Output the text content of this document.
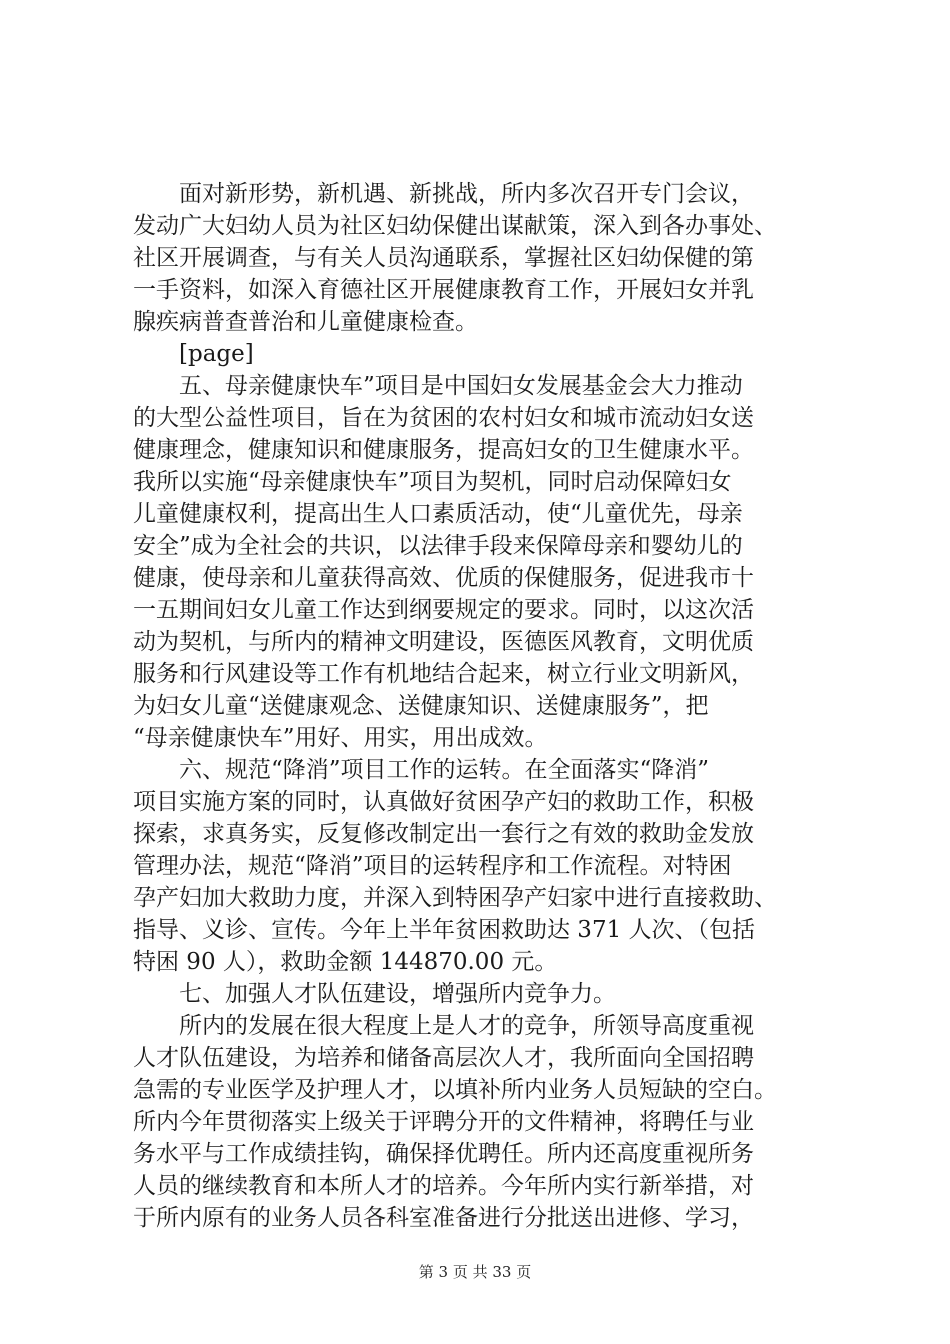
　　面对新形势，新机遇、新挑战，所内多次召开专门会议，
发动广大妇幼人员为社区妇幼保健出谋献策，深入到各办事处、
社区开展调查，与有关人员沟通联系，掌握社区妇幼保健的第
一手资料，如深入育德社区开展健康教育工作，开展妇女并乳
腺疾病普查普治和儿童健康检查。
　　[page]
　　五、母亲健康快车”项目是中国妇女发展基金会大力推动
的大型公益性项目，旨在为贫困的农村妇女和城市流动妇女送
健康理念，健康知识和健康服务，提高妇女的卫生健康水平。
我所以实施“母亲健康快车”项目为契机，同时启动保障妇女
儿童健康权利，提高出生人口素质活动，使“儿童优先，母亲
安全”成为全社会的共识，以法律手段来保障母亲和婴幼儿的
健康，使母亲和儿童获得高效、优质的保健服务，促进我市十
一五期间妇女儿童工作达到纲要规定的要求。同时，以这次活
动为契机，与所内的精神文明建设，医德医风教育，文明优质
服务和行风建设等工作有机地结合起来，树立行业文明新风，
为妇女儿童“送健康观念、送健康知识、送健康服务”，把
“母亲健康快车”用好、用实，用出成效。
　　六、规范“降消”项目工作的运转。在全面落实“降消”
项目实施方案的同时，认真做好贫困孕产妇的救助工作，积极
探索，求真务实，反复修改制定出一套行之有效的救助金发放
管理办法，规范“降消”项目的运转程序和工作流程。对特困
孕产妇加大救助力度，并深入到特困孕产妇家中进行直接救助、
指导、义诊、宣传。今年上半年贫困救助达 371 人次、（包括
特困 90 人），救助金额 144870.00 元。
　　七、加强人才队伍建设，增强所内竞争力。
　　所内的发展在很大程度上是人才的竞争，所领导高度重视
人才队伍建设，为培养和储备高层次人才，我所面向全国招聘
急需的专业医学及护理人才，以填补所内业务人员短缺的空白。
所内今年贯彻落实上级关于评聘分开的文件精神，将聘任与业
务水平与工作成绩挂钩，确保择优聘任。所内还高度重视所务
人员的继续教育和本所人才的培养。今年所内实行新举措，对
于所内原有的业务人员各科室准备进行分批送出进修、学习，
第 3 页 共 33 页
